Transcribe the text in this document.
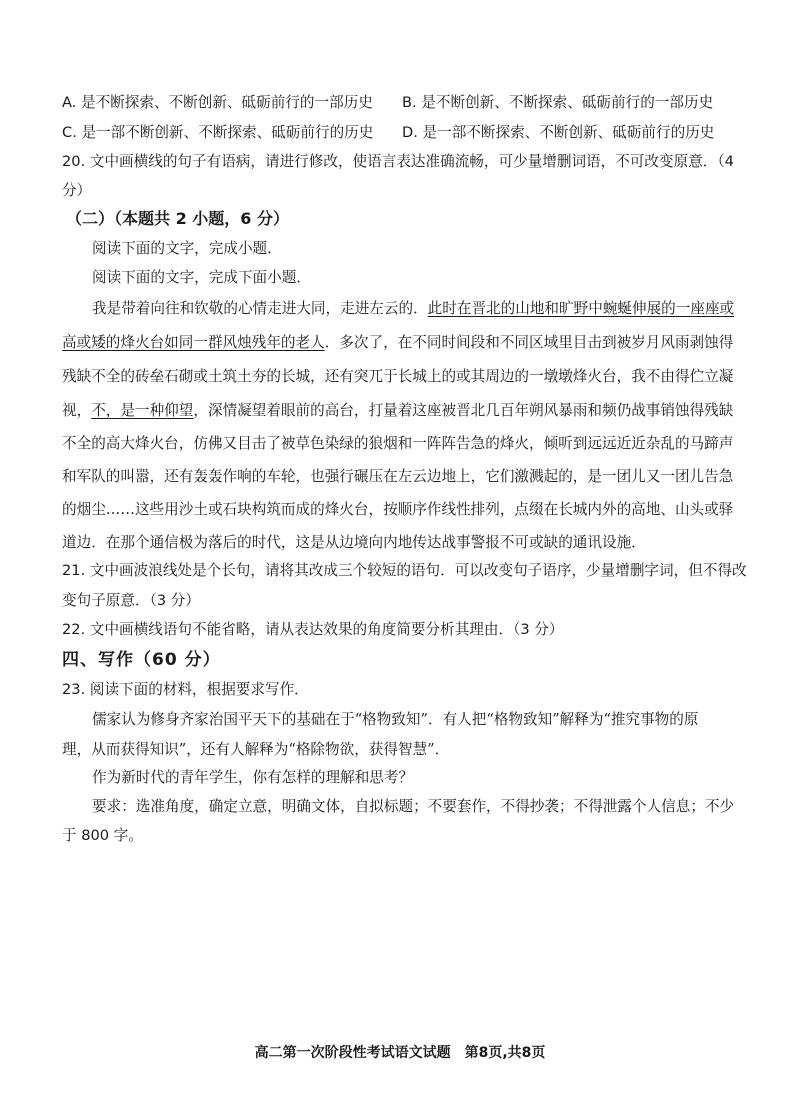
A. 是不断探索、不断创新、砥砺前行的一部历史 B. 是不断创新、不断探索、砥砺前行的一部历史
C. 是一部不断创新、不断探索、砥砺前行的历史 D. 是一部不断探索、不断创新、砥砺前行的历史
20. 文中画横线的句子有语病，请进行修改，使语言表达准确流畅，可少量增删词语，不可改变原意．（4
分）
（二）（本题共 2 小题，6 分）
阅读下面的文字，完成小题．
阅读下面的文字，完成下面小题．
我是带着向往和钦敬的心情走进大同，走进左云的．此时在晋北的山地和旷野中蜿蜒伸展的一座座或
高或矮的烽火台如同一群风烛残年的老人．多次了，在不同时间段和不同区域里目击到被岁月风雨剥蚀得
残缺不全的砖垒石砌或土筑土夯的长城，还有突兀于长城上的或其周边的一墩墩烽火台，我不由得伫立凝
视，不，是一种仰望，深情凝望着眼前的高台，打量着这座被晋北几百年朔风暴雨和频仍战事销蚀得残缺
不全的高大烽火台，仿佛又目击了被草色染绿的狼烟和一阵阵告急的烽火，倾听到远远近近杂乱的马蹄声
和军队的叫嚣，还有轰轰作响的车轮，也强行碾压在左云边地上，它们激溅起的，是一团儿又一团儿告急
的烟尘……这些用沙土或石块构筑而成的烽火台，按顺序作线性排列，点缀在长城内外的高地、山头或驿
道边．在那个通信极为落后的时代，这是从边境向内地传达战事警报不可或缺的通讯设施．
21. 文中画波浪线处是个长句，请将其改成三个较短的语句．可以改变句子语序，少量增删字词，但不得改
变句子原意．（3 分）
22. 文中画横线语句不能省略，请从表达效果的角度简要分析其理由．（3 分）
四、写作（60 分）
23. 阅读下面的材料，根据要求写作．
儒家认为修身齐家治国平天下的基础在于“格物致知”．有人把“格物致知”解释为“推究事物的原
理，从而获得知识”，还有人解释为“格除物欲，获得智慧”．
作为新时代的青年学生，你有怎样的理解和思考？
要求：选准角度，确定立意，明确文体，自拟标题；不要套作，不得抄袭；不得泄露个人信息；不少
于 800 字。
高二第一次阶段性考试语文试题　第8页,共8页
